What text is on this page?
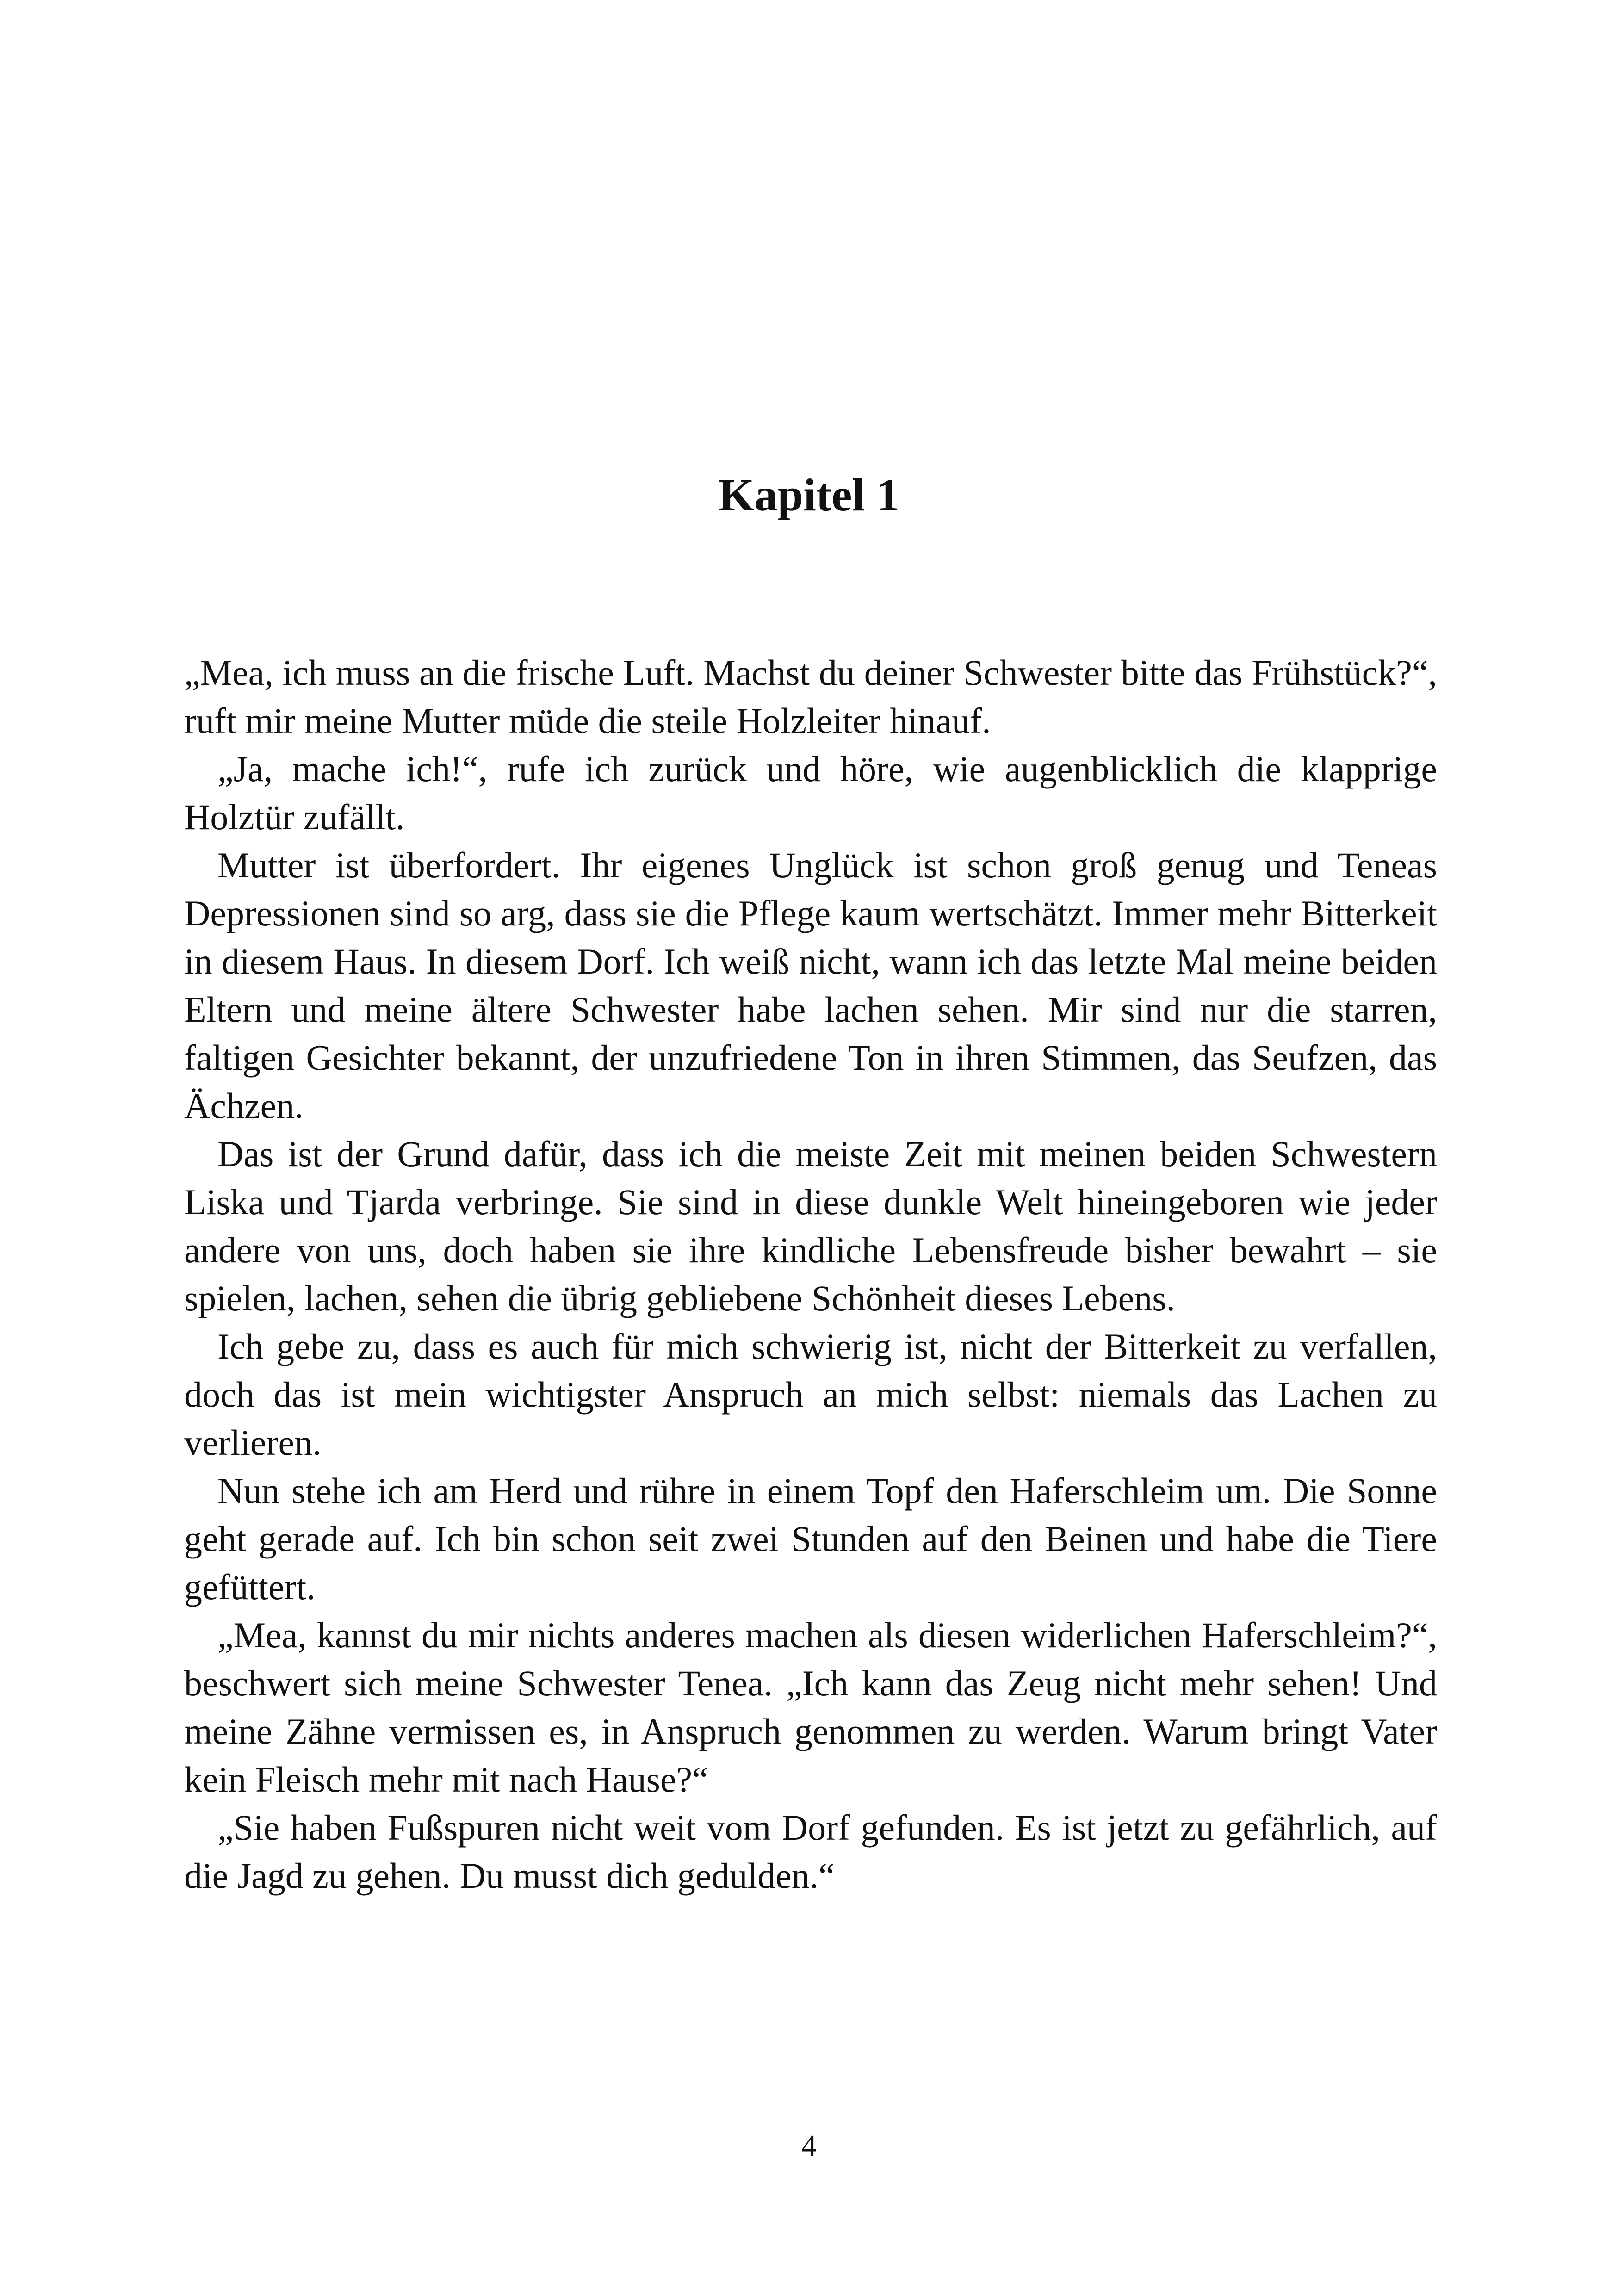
Kapitel 1

„Mea, ich muss an die frische Luft. Machst du deiner Schwester bitte das Frühstück?“, ruft mir meine Mutter müde die steile Holzleiter hinauf.

„Ja, mache ich!“, rufe ich zurück und höre, wie augenblicklich die klapprige Holztür zufällt.

Mutter ist überfordert. Ihr eigenes Unglück ist schon groß genug und Teneas Depressionen sind so arg, dass sie die Pflege kaum wertschätzt. Immer mehr Bitterkeit in diesem Haus. In diesem Dorf. Ich weiß nicht, wann ich das letzte Mal meine beiden Eltern und meine ältere Schwester habe lachen sehen. Mir sind nur die starren, faltigen Gesichter bekannt, der unzufriedene Ton in ihren Stimmen, das Seufzen, das Ächzen.

Das ist der Grund dafür, dass ich die meiste Zeit mit meinen beiden Schwestern Liska und Tjarda verbringe. Sie sind in diese dunkle Welt hineingeboren wie jeder andere von uns, doch haben sie ihre kindliche Lebensfreude bisher bewahrt – sie spielen, lachen, sehen die übrig gebliebene Schönheit dieses Lebens.

Ich gebe zu, dass es auch für mich schwierig ist, nicht der Bitterkeit zu verfallen, doch das ist mein wichtigster Anspruch an mich selbst: niemals das Lachen zu verlieren.

Nun stehe ich am Herd und rühre in einem Topf den Haferschleim um. Die Sonne geht gerade auf. Ich bin schon seit zwei Stunden auf den Beinen und habe die Tiere gefüttert.

„Mea, kannst du mir nichts anderes machen als diesen widerlichen Haferschleim?“, beschwert sich meine Schwester Tenea. „Ich kann das Zeug nicht mehr sehen! Und meine Zähne vermissen es, in Anspruch genommen zu werden. Warum bringt Vater kein Fleisch mehr mit nach Hause?“

„Sie haben Fußspuren nicht weit vom Dorf gefunden. Es ist jetzt zu gefährlich, auf die Jagd zu gehen. Du musst dich gedulden.“

4
